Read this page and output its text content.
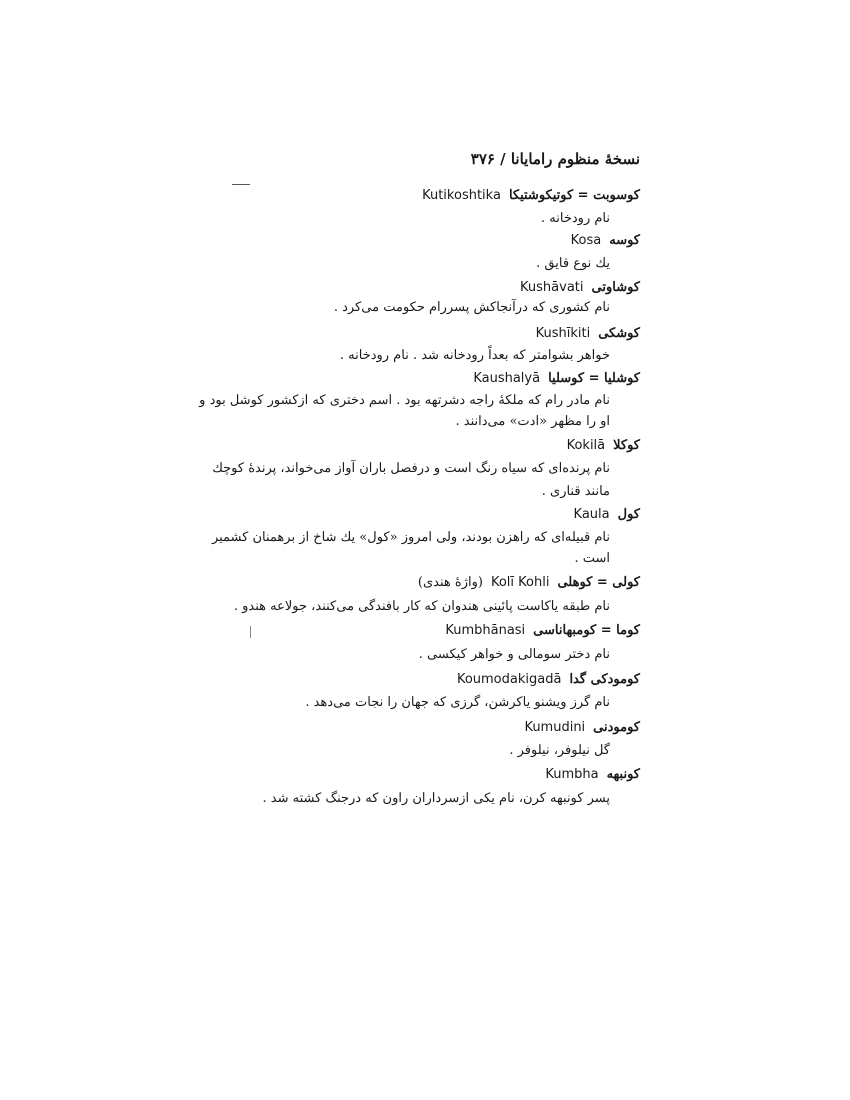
نسخهٔ منظوم رامایانا / ۳۷۶
کوسوبت = کوتیکوشتیکاKutikoshtika
نام رودخانه .
کوسهKosa
یك نوع قایق .
کوشاوتیKushāvati
نام کشوری که درآنجاکش پسررام حکومت می‌کرد .
کوشکیKushīkiti
خواهر بشوامتر که بعداً رودخانه شد . نام رودخانه .
کوشلیا = کوسلیاKaushalyā
نام مادر رام که ملکهٔ راجه دشرتهه بود . اسم دختری که ازکشور کوشل بود و
او را مظهر «ادت» می‌دانند .
کوکلاKokilā
نام پرنده‌ای که سیاه رنگ است و درفصل باران آواز می‌خواند، پرندهٔ کوچك
مانند قناری .
کولKaula
نام قبیله‌ای که راهزن بودند، ولی امروز «کول» یك شاخ از برهمنان کشمیر
است .
کولی = کوهلیKolī Kohli(واژهٔ هندی)
نام طبقه یاکاست پائینی هندوان که کار بافندگی می‌کنند، جولاعه هندو .
کوما = کومبهاناسیKumbhānasi
نام دختر سومالی و خواهر کیکسی .
کومودکی گداKoumodakigadā
نام گرز ویشنو یاکرشن، گرزی که جهان را نجات می‌دهد .
کومودنیKumudini
گل نیلوفر، نیلوفر .
کونبههKumbha
پسر کونبهه کرن، نام یکی ازسرداران راون که درجنگ کشته شد .
